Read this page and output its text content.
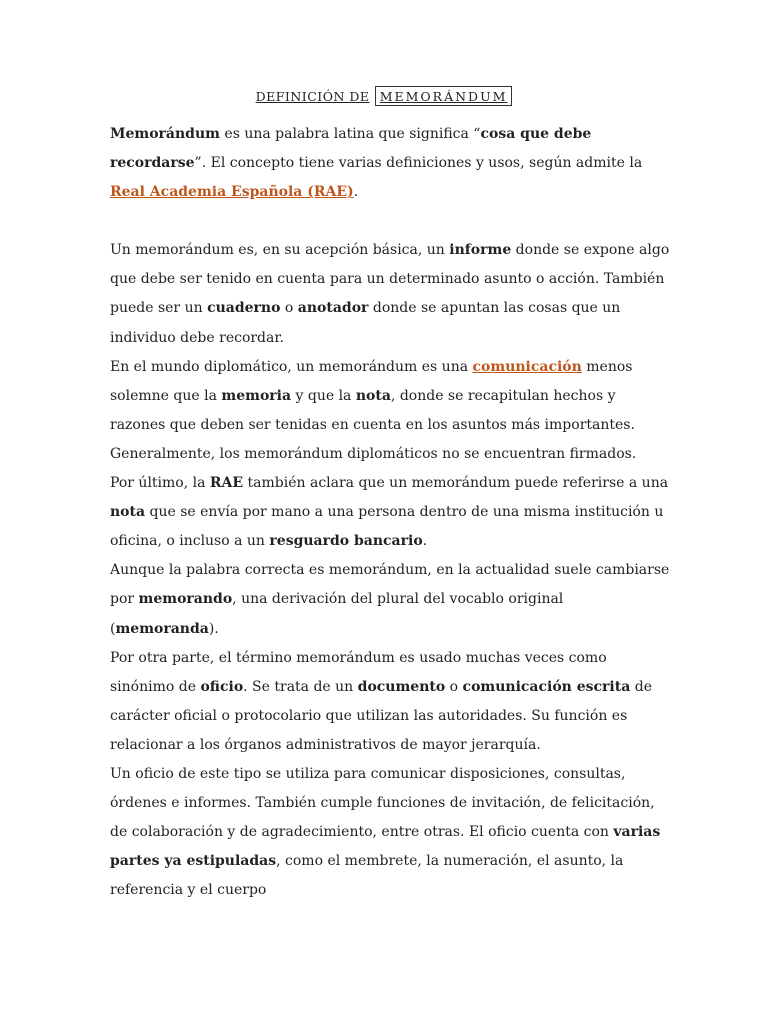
DEFINICIÓN DE MEMORÁNDUM

Memorándum es una palabra latina que significa “cosa que debe recordarse”. El concepto tiene varias definiciones y usos, según admite la Real Academia Española (RAE).

Un memorándum es, en su acepción básica, un informe donde se expone algo que debe ser tenido en cuenta para un determinado asunto o acción. También puede ser un cuaderno o anotador donde se apuntan las cosas que un individuo debe recordar.

En el mundo diplomático, un memorándum es una comunicación menos solemne que la memoria y que la nota, donde se recapitulan hechos y razones que deben ser tenidas en cuenta en los asuntos más importantes. Generalmente, los memorándum diplomáticos no se encuentran firmados.

Por último, la RAE también aclara que un memorándum puede referirse a una nota que se envía por mano a una persona dentro de una misma institución u oficina, o incluso a un resguardo bancario.

Aunque la palabra correcta es memorándum, en la actualidad suele cambiarse por memorando, una derivación del plural del vocablo original (memoranda).

Por otra parte, el término memorándum es usado muchas veces como sinónimo de oficio. Se trata de un documento o comunicación escrita de carácter oficial o protocolario que utilizan las autoridades. Su función es relacionar a los órganos administrativos de mayor jerarquía.

Un oficio de este tipo se utiliza para comunicar disposiciones, consultas, órdenes e informes. También cumple funciones de invitación, de felicitación, de colaboración y de agradecimiento, entre otras. El oficio cuenta con varias partes ya estipuladas, como el membrete, la numeración, el asunto, la referencia y el cuerpo
